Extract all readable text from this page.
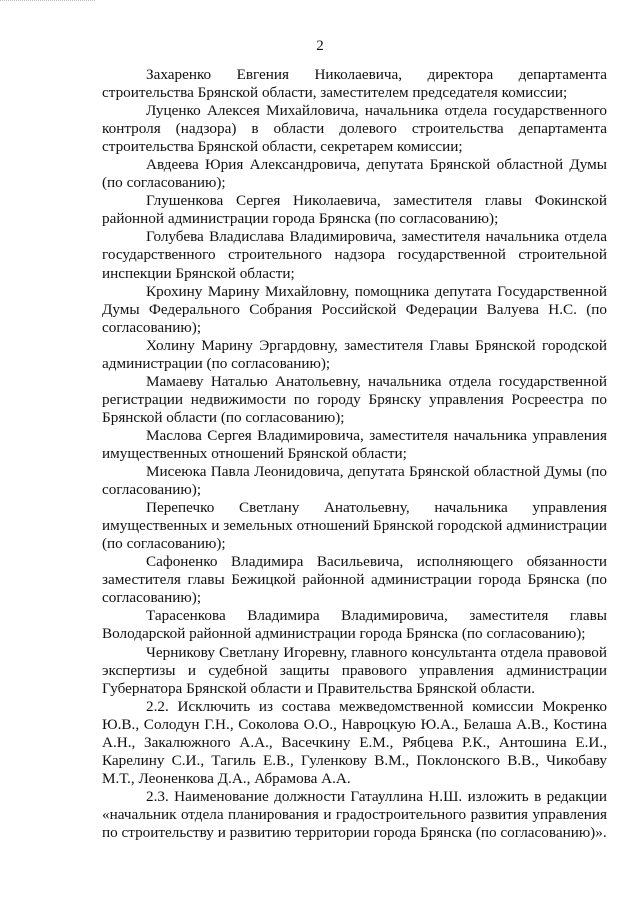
2

Захаренко Евгения Николаевича, директора департамента строительства Брянской области, заместителем председателя комиссии;

Луценко Алексея Михайловича, начальника отдела государственного контроля (надзора) в области долевого строительства департамента строительства Брянской области, секретарем комиссии;

Авдеева Юрия Александровича, депутата Брянской областной Думы (по согласованию);

Глушенкова Сергея Николаевича, заместителя главы Фокинской районной администрации города Брянска (по согласованию);

Голубева Владислава Владимировича, заместителя начальника отдела государственного строительного надзора государственной строительной инспекции Брянской области;

Крохину Марину Михайловну, помощника депутата Государственной Думы Федерального Собрания Российской Федерации Валуева Н.С. (по согласованию);

Холину Марину Эргардовну, заместителя Главы Брянской городской администрации (по согласованию);

Мамаеву Наталью Анатольевну, начальника отдела государственной регистрации недвижимости по городу Брянску управления Росреестра по Брянской области (по согласованию);

Маслова Сергея Владимировича, заместителя начальника управления имущественных отношений Брянской области;

Мисеюка Павла Леонидовича, депутата Брянской областной Думы (по согласованию);

Перепечко Светлану Анатольевну, начальника управления имущественных и земельных отношений Брянской городской администрации (по согласованию);

Сафоненко Владимира Васильевича, исполняющего обязанности заместителя главы Бежицкой районной администрации города Брянска (по согласованию);

Тарасенкова Владимира Владимировича, заместителя главы Володарской районной администрации города Брянска (по согласованию);

Черникову Светлану Игоревну, главного консультанта отдела правовой экспертизы и судебной защиты правового управления администрации Губернатора Брянской области и Правительства Брянской области.

2.2. Исключить из состава межведомственной комиссии Мокренко Ю.В., Солодун Г.Н., Соколова О.О., Навроцкую Ю.А., Белаша А.В., Костина А.Н., Закалюжного А.А., Васечкину Е.М., Рябцева Р.К., Антошина Е.И., Карелину С.И., Тагиль Е.В., Гуленкову В.М., Поклонского В.В., Чикобаву М.Т., Леоненкова Д.А., Абрамова А.А.

2.3. Наименование должности Гатауллина Н.Ш. изложить в редакции «начальник отдела планирования и градостроительного развития управления по строительству и развитию территории города Брянска (по согласованию)».
